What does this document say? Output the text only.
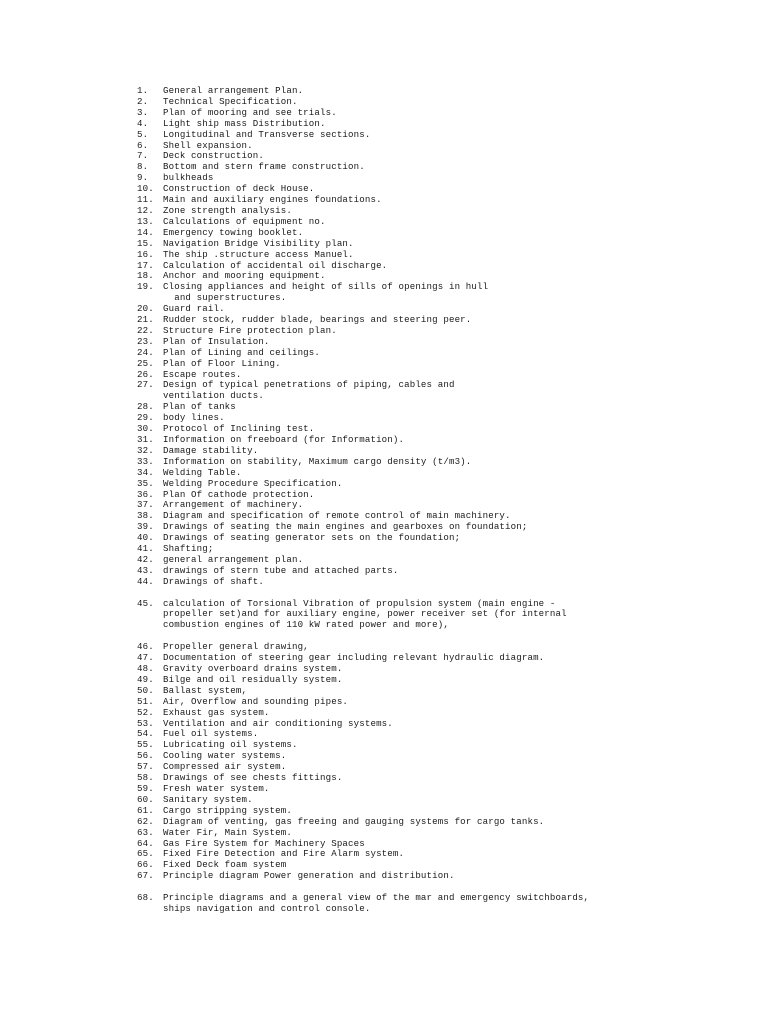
1.	General arrangement Plan.
2.	Technical Specification.
3.	Plan of mooring and see trials.
4.	Light ship mass Distribution.
5.	Longitudinal and Transverse sections.
6.	Shell expansion.
7.	Deck construction.
8.	Bottom and stern frame construction.
9.	bulkheads
10.	Construction of deck House.
11.	Main and auxiliary engines foundations.
12.	Zone strength analysis.
13.	Calculations of equipment no.
14.	Emergency towing booklet.
15.	Navigation Bridge Visibility plan.
16.	The ship .structure access Manuel.
17.	Calculation of accidental oil discharge.
18.	Anchor and mooring equipment.
19.	Closing appliances and height of sills of openings in hull
and superstructures.
20.	Guard rail.
21.	Rudder stock, rudder blade, bearings and steering peer.
22.	Structure Fire protection plan.
23.	Plan of Insulation.
24.	Plan of Lining and ceilings.
25.	Plan of Floor Lining.
26.	Escape routes.
27.	Design of typical penetrations of piping, cables and
ventilation ducts.
28.	Plan of tanks
29.	body lines.
30.	Protocol of Inclining test.
31.	Information on freeboard (for Information).
32.	Damage stability.
33.	Information on stability, Maximum cargo density (t/m3).
34.	Welding Table.
35.	Welding Procedure Specification.
36.	Plan Of cathode protection.
37.	Arrangement of machinery.
38.	Diagram and specification of remote control of main machinery.
39.	Drawings of seating the main engines and gearboxes on foundation;
40.	Drawings of seating generator sets on the foundation;
41.	Shafting;
42.	general arrangement plan.
43.	drawings of stern tube and attached parts.
44.	Drawings of shaft.
45.	calculation of Torsional Vibration of propulsion system (main engine -
propeller set)and for auxiliary engine, power receiver set (for internal
combustion engines of 110 kW rated power and more),
46.	Propeller general drawing,
47.	Documentation of steering gear including relevant hydraulic diagram.
48.	Gravity overboard drains system.
49.	Bilge and oil residually system.
50.	Ballast system,
51.	Air, Overflow and sounding pipes.
52.	Exhaust gas system.
53.	Ventilation and air conditioning systems.
54.	Fuel oil systems.
55.	Lubricating oil systems.
56.	Cooling water systems.
57.	Compressed air system.
58.	Drawings of see chests fittings.
59.	Fresh water system.
60.	Sanitary system.
61.	Cargo stripping system.
62.	Diagram of venting, gas freeing and gauging systems for cargo tanks.
63.	Water Fir, Main System.
64.	Gas Fire System for Machinery Spaces
65.	Fixed Fire Detection and Fire Alarm system.
66.	Fixed Deck foam system
67.	Principle diagram Power generation and distribution.
68.	Principle diagrams and a general view of the mar and emergency switchboards,
ships navigation and control console.
